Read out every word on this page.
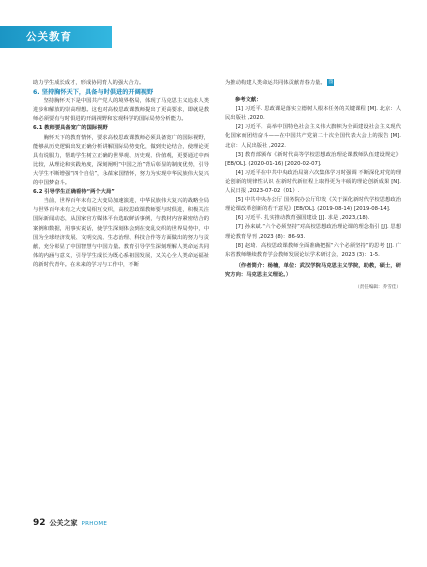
公关教育

助力学生成长成才，形成协同育人的强大合力。

6. 坚持胸怀天下，具备与时俱进的开阔视野

坚持胸怀天下是中国共产党人的境界格局，体现了马克思主义追求人类进步和解放的崇高理想。这也对高校思政课教师提出了更高要求，即就是教师必须要有与时俱进的开阔视野和宏观科学的国际局势分析能力。

6.1 教师要具备宽广的国际视野

胸怀天下的教育情怀，要求高校思政课教师必须具备宽广的国际视野，能够从历史逻辑出发正确分析讲解国际局势变化，做到史论结合，使理论更具有说服力，帮助学生树立正确的世界观、历史观、价值观，更要通过中西比较，从理论和实践角度，深刻阐明“中国之治”背后彰显的制度优势，引导大学生不断增强“四个自信”，永葆家国情怀，努力为实现中华民族伟大复兴的中国梦奋斗。

6.2 引导学生正确看待“两个大局”

当前，世界百年未有之大变局加速演进，中华民族伟大复兴的战略全局与世界百年未有之大变局相互交织，高校思政课教师要与时俱进，积极关注国际新闻动态，从国家官方媒体平台选取鲜活事例，与教材内容紧密结合的案例和数据，用事实说话，使学生深刻体会到在变乱交织的世界局势中，中国为全球经济发展、文明交流、生态治理、科技合作等方面做出的努力与贡献，充分彰显了中国智慧与中国力量。教育引导学生深刻理解人类命运共同体的内涵与意义，引导学生成长为既心系祖国发展，又关心全人类命运福祉的新时代青年。在未来的学习与工作中，不断

为推动构建人类命运共同体贡献青春力量。 图

参考文献：

[1] 习近平. 思政课是落实立德树人根本任务的关键课程 [M]. 北京：人民出版社 ,2020.

[2] 习近平．高举中国特色社会主义伟大旗帜为全面建设社会主义现代化国家而团结奋斗——在中国共产党第二十次全国代表大会上的报告 [M]. 北京：人民出版社 ,2022.

[3] 教育部颁布《新时代高等学校思想政治理论课教师队伍建设规定》[EB/OL]. (2020-01-16) [2020-02-07].

[4] 习近平在中共中央政治局第六次集体学习时强调 不断深化对党的理论创新的规律性认识 在新时代新征程上取得更为丰硕的理论创新成果 [N]. 人民日报 ,2023-07-02（01）.

[5] 中共中央办公厅 国务院办公厅印发《关于深化新时代学校思想政治理论课改革创新的若干意见》[EB/OL]. (2019-08-14) [2019-08-14].

[6] 习近平. 扎实推动教育强国建设 [J]. 求是 ,2023,(18).

[7] 孙来斌.“六个必须坚持”对高校思想政治理论课的理念指引 [J]. 思想理论教育导刊 ,2023 (8)：86-93.

[8] 赵琦．高校思政课教师全面准确把握“六个必须坚持”的思考 [J]. 广东省教师继续教育学会教师发展论坛学术研讨会，2023 (3)：1-5.

（作者简介：杨楠，单位：武汉学院马克思主义学院，助教，硕士，研究方向：马克思主义理论。）

（责任编辑：乔雪佳）

92 公关之家 PRHOME
